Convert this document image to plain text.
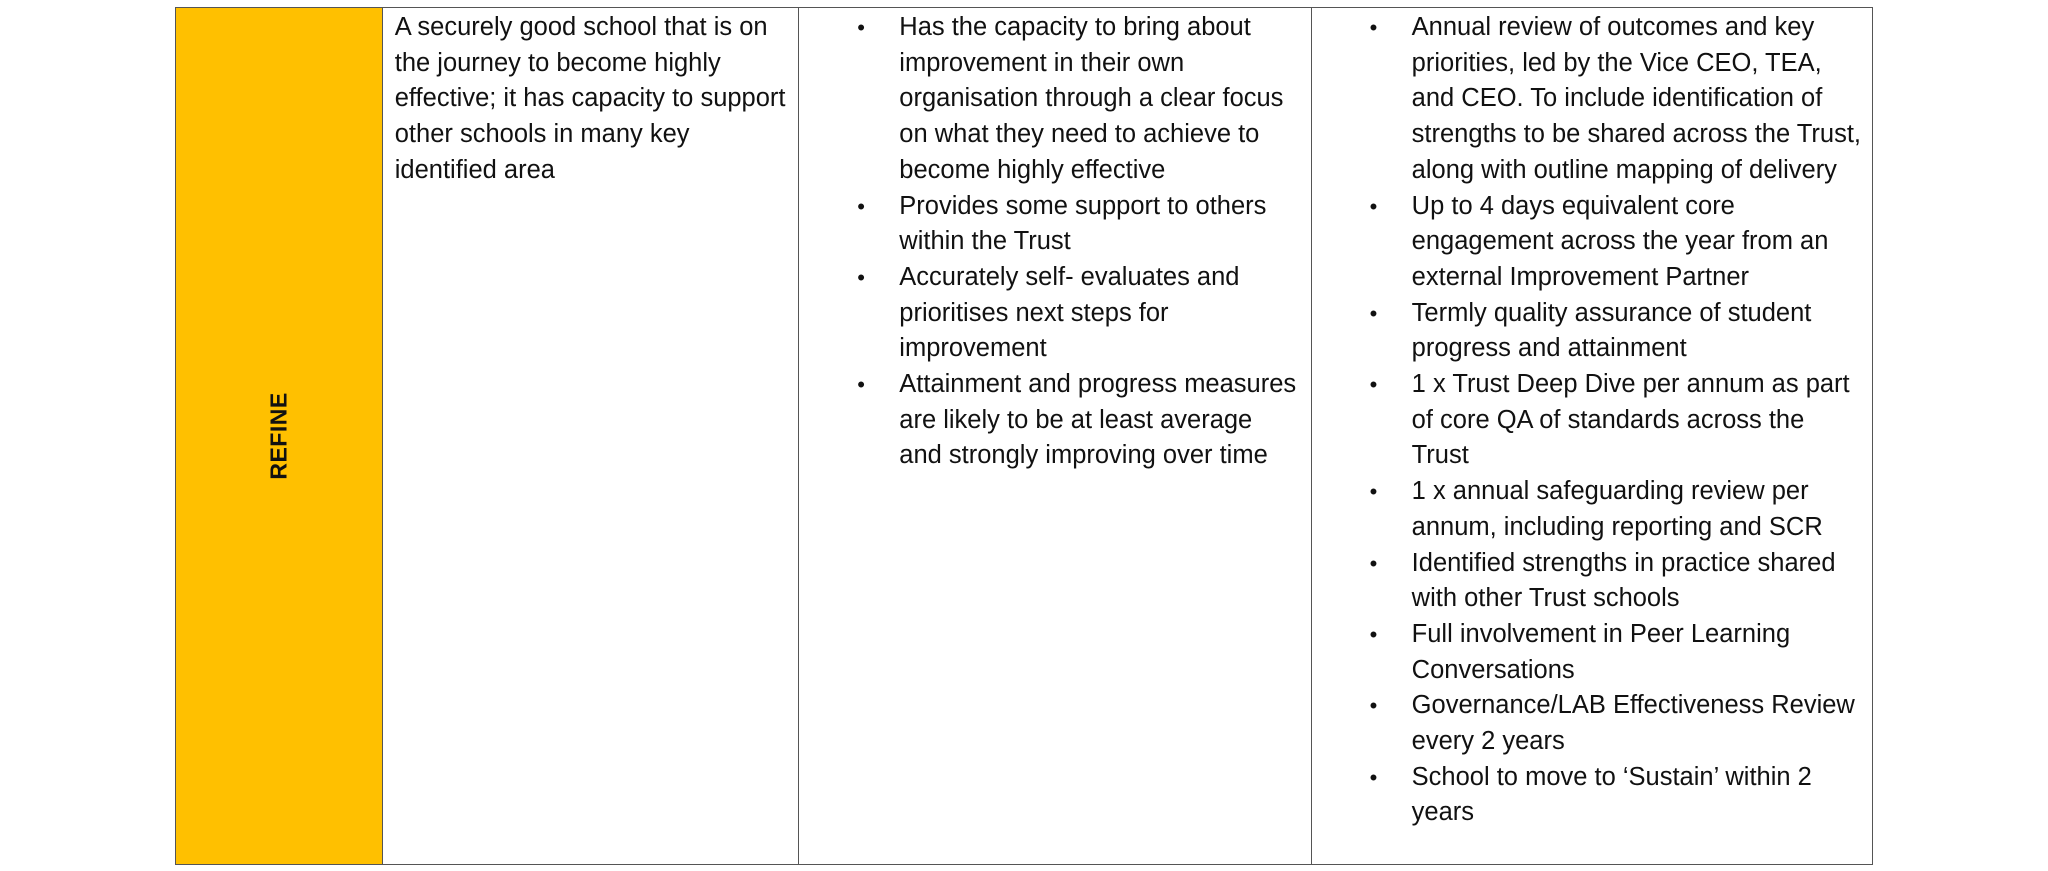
REFINE

A securely good school that is on the journey to become highly effective; it has capacity to support other schools in many key identified area

• Has the capacity to bring about improvement in their own organisation through a clear focus on what they need to achieve to become highly effective
• Provides some support to others within the Trust
• Accurately self- evaluates and prioritises next steps for improvement
• Attainment and progress measures are likely to be at least average and strongly improving over time
• Annual review of outcomes and key priorities, led by the Vice CEO, TEA, and CEO. To include identification of strengths to be shared across the Trust, along with outline mapping of delivery
• Up to 4 days equivalent core engagement across the year from an external Improvement Partner
• Termly quality assurance of student progress and attainment
• 1 x Trust Deep Dive per annum as part of core QA of standards across the Trust
• 1 x annual safeguarding review per annum, including reporting and SCR
• Identified strengths in practice shared with other Trust schools
• Full involvement in Peer Learning Conversations
• Governance/LAB Effectiveness Review every 2 years
• School to move to ‘Sustain’ within 2 years
